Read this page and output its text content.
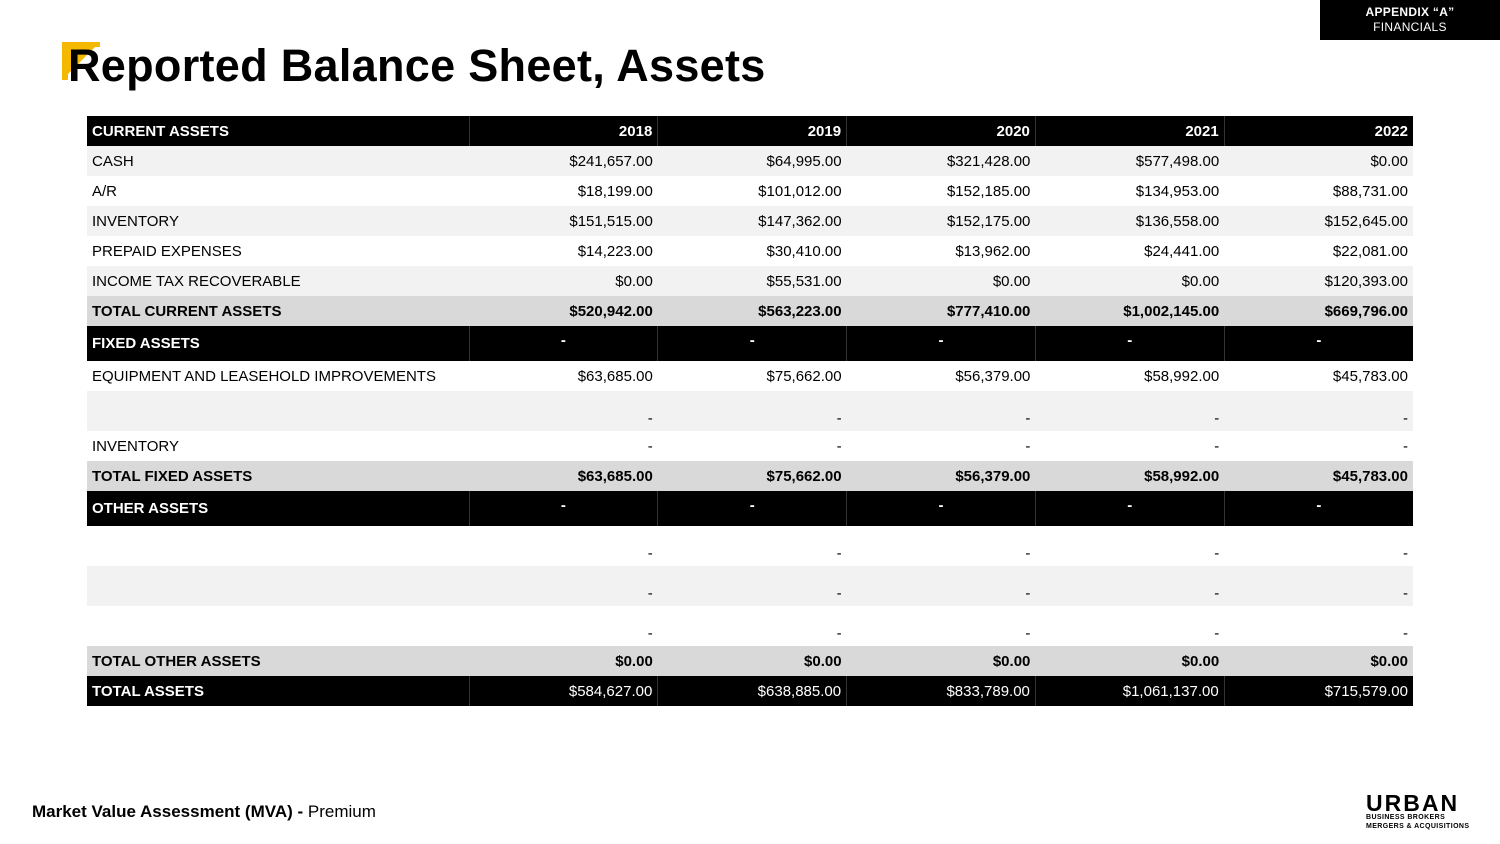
APPENDIX “A”
FINANCIALS
Reported Balance Sheet, Assets
CURRENT ASSETS	2018	2019	2020	2021	2022
CASH	$241,657.00	$64,995.00	$321,428.00	$577,498.00	$0.00
A/R	$18,199.00	$101,012.00	$152,185.00	$134,953.00	$88,731.00
INVENTORY	$151,515.00	$147,362.00	$152,175.00	$136,558.00	$152,645.00
PREPAID EXPENSES	$14,223.00	$30,410.00	$13,962.00	$24,441.00	$22,081.00
INCOME TAX RECOVERABLE	$0.00	$55,531.00	$0.00	$0.00	$120,393.00
TOTAL CURRENT ASSETS	$520,942.00	$563,223.00	$777,410.00	$1,002,145.00	$669,796.00
FIXED ASSETS	-	-	-	-	-
EQUIPMENT AND LEASEHOLD IMPROVEMENTS	$63,685.00	$75,662.00	$56,379.00	$58,992.00	$45,783.00
	-	-	-	-	-
INVENTORY	-	-	-	-	-
TOTAL FIXED ASSETS	$63,685.00	$75,662.00	$56,379.00	$58,992.00	$45,783.00
OTHER ASSETS	-	-	-	-	-
	-	-	-	-	-
	-	-	-	-	-
	-	-	-	-	-
TOTAL OTHER ASSETS	$0.00	$0.00	$0.00	$0.00	$0.00
TOTAL ASSETS	$584,627.00	$638,885.00	$833,789.00	$1,061,137.00	$715,579.00
Market Value Assessment (MVA) - Premium	URBAN
BUSINESS BROKERS
MERGERS & ACQUISITIONS
